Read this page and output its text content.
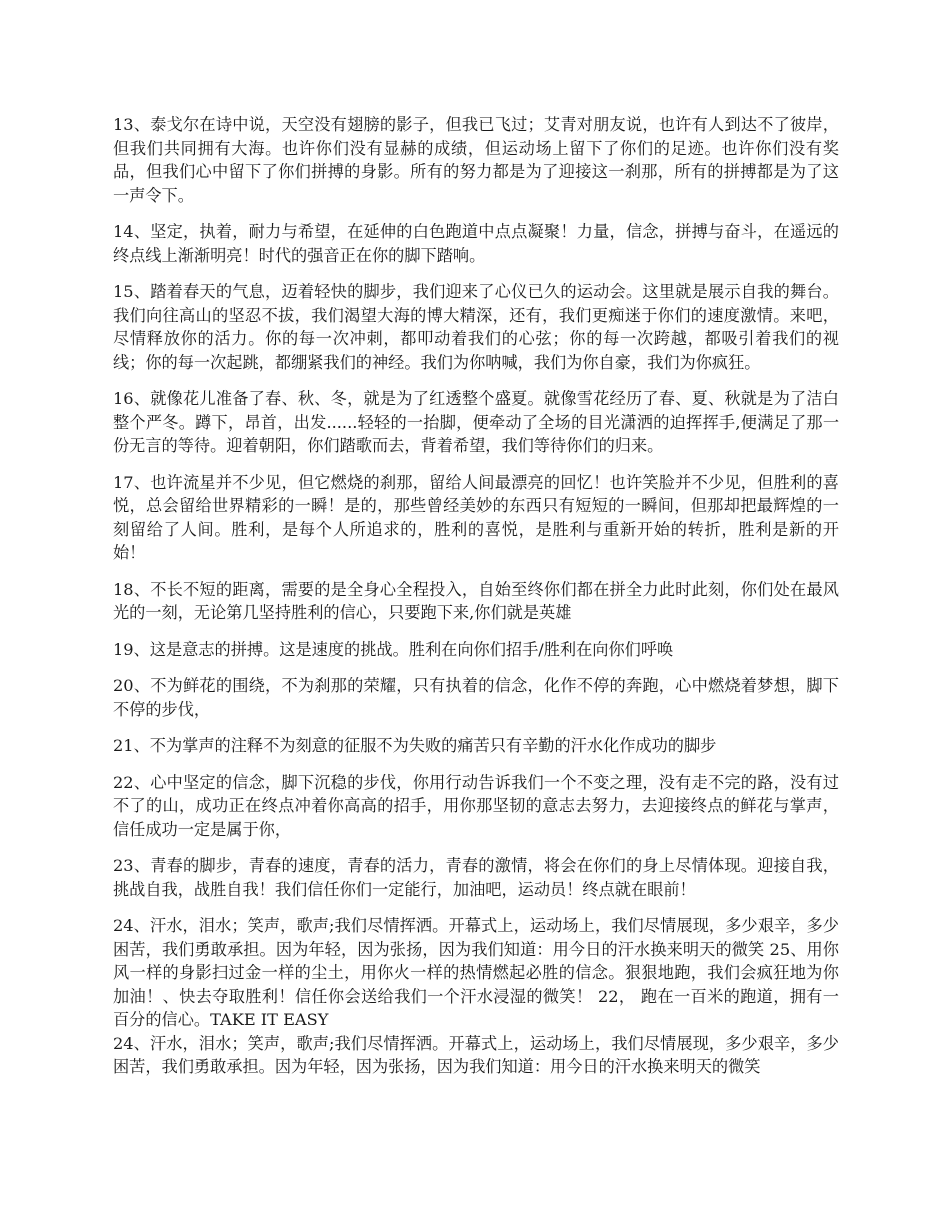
13、泰戈尔在诗中说，天空没有翅膀的影子，但我已飞过；艾青对朋友说，也许有人到达不了彼岸，但我们共同拥有大海。也许你们没有显赫的成绩，但运动场上留下了你们的足迹。也许你们没有奖品，但我们心中留下了你们拼搏的身影。所有的努力都是为了迎接这一刹那，所有的拼搏都是为了这一声令下。

14、坚定，执着，耐力与希望，在延伸的白色跑道中点点凝聚！力量，信念，拼搏与奋斗，在遥远的终点线上渐渐明亮！时代的强音正在你的脚下踏响。

15、踏着春天的气息，迈着轻快的脚步，我们迎来了心仪已久的运动会。这里就是展示自我的舞台。我们向往高山的坚忍不拔，我们渴望大海的博大精深，还有，我们更痴迷于你们的速度激情。来吧，尽情释放你的活力。你的每一次冲刺，都叩动着我们的心弦；你的每一次跨越，都吸引着我们的视线；你的每一次起跳，都绷紧我们的神经。我们为你呐喊，我们为你自豪，我们为你疯狂。

16、就像花儿准备了春、秋、冬，就是为了红透整个盛夏。就像雪花经历了春、夏、秋就是为了洁白整个严冬。蹲下，昂首，出发......轻轻的一抬脚，便牵动了全场的目光潇洒的迫挥挥手,便满足了那一份无言的等待。迎着朝阳，你们踏歌而去，背着希望，我们等待你们的归来。

17、也许流星并不少见，但它燃烧的刹那，留给人间最漂亮的回忆！也许笑脸并不少见，但胜利的喜悦，总会留给世界精彩的一瞬！是的，那些曾经美妙的东西只有短短的一瞬间，但那却把最辉煌的一刻留给了人间。胜利，是每个人所追求的，胜利的喜悦，是胜利与重新开始的转折，胜利是新的开始！

18、不长不短的距离，需要的是全身心全程投入，自始至终你们都在拼全力此时此刻，你们处在最风光的一刻，无论第几坚持胜利的信心，只要跑下来,你们就是英雄

19、这是意志的拼搏。这是速度的挑战。胜利在向你们招手/胜利在向你们呼唤

20、不为鲜花的围绕，不为刹那的荣耀，只有执着的信念，化作不停的奔跑，心中燃烧着梦想，脚下不停的步伐，

21、不为掌声的注释不为刻意的征服不为失败的痛苦只有辛勤的汗水化作成功的脚步

22、心中坚定的信念，脚下沉稳的步伐，你用行动告诉我们一个不变之理，没有走不完的路，没有过不了的山，成功正在终点冲着你高高的招手，用你那坚韧的意志去努力，去迎接终点的鲜花与掌声，信任成功一定是属于你，

23、青春的脚步，青春的速度，青春的活力，青春的激情，将会在你们的身上尽情体现。迎接自我，挑战自我，战胜自我！我们信任你们一定能行，加油吧，运动员！终点就在眼前！

24、汗水，泪水；笑声，歌声;我们尽情挥洒。开幕式上，运动场上，我们尽情展现，多少艰辛，多少困苦，我们勇敢承担。因为年轻，因为张扬，因为我们知道：用今日的汗水换来明天的微笑 25、用你风一样的身影扫过金一样的尘土，用你火一样的热情燃起必胜的信念。狠狠地跑，我们会疯狂地为你加油！、快去夺取胜利！信任你会送给我们一个汗水浸湿的微笑！ 22， 跑在一百米的跑道，拥有一百分的信心。TAKE IT EASY

24、汗水，泪水；笑声，歌声;我们尽情挥洒。开幕式上，运动场上，我们尽情展现，多少艰辛，多少困苦，我们勇敢承担。因为年轻，因为张扬，因为我们知道：用今日的汗水换来明天的微笑
